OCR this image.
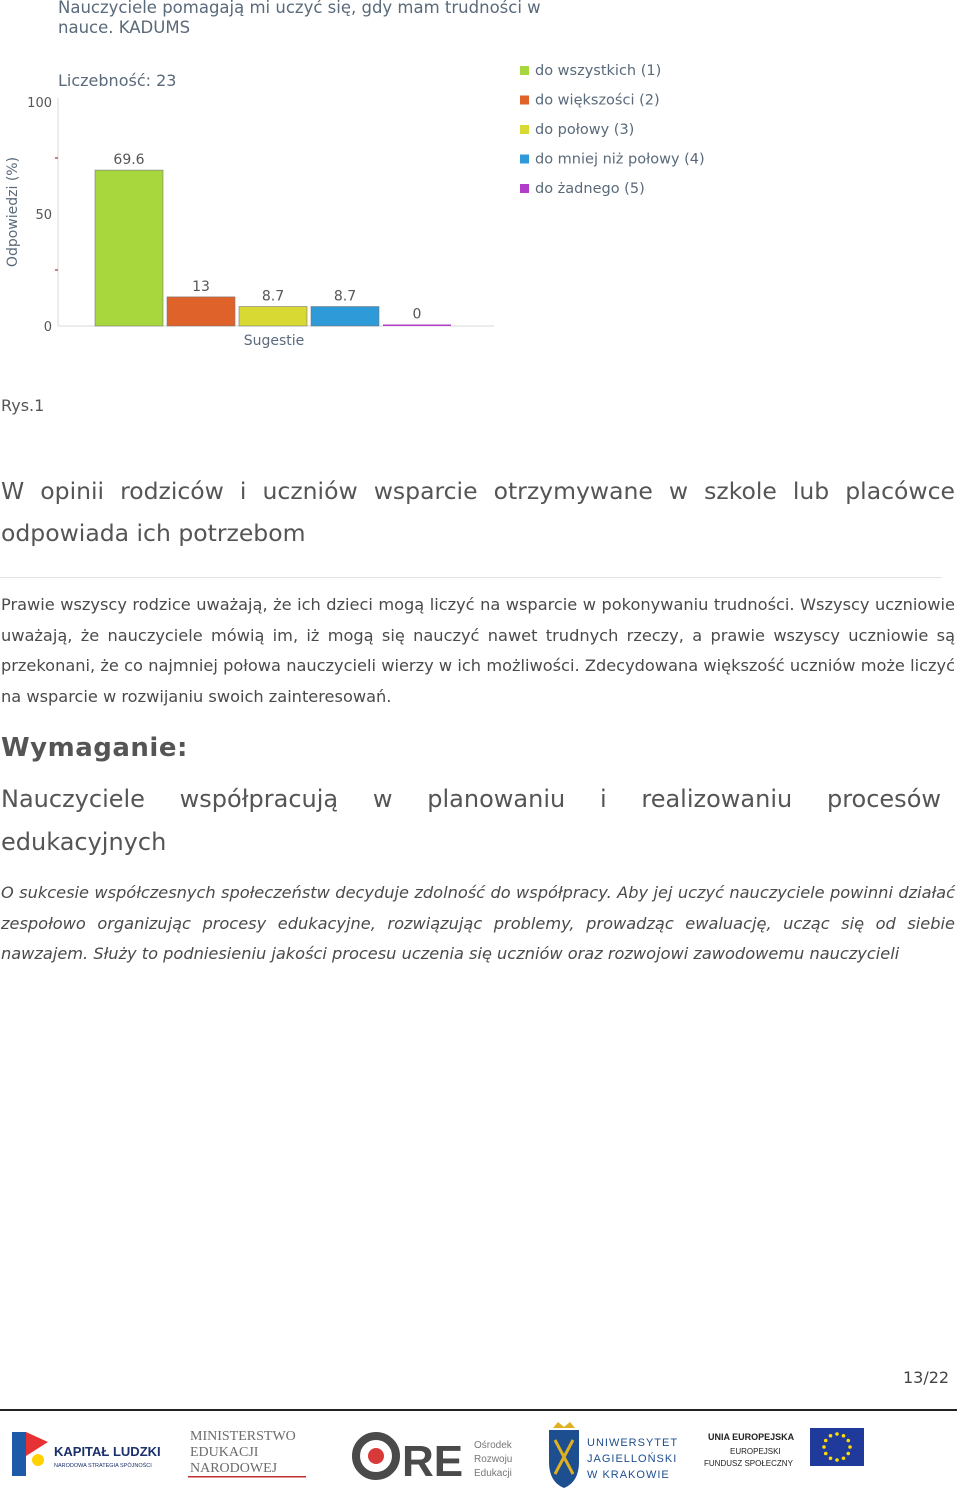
Nauczyciele pomagają mi uczyć się, gdy mam trudności w
nauce. KADUMS
Liczebność: 23
Odpowiedzi (%)
Sugestie
0
50
100
69.6
13
8.7	8.7
0
do wszystkich (1)
do większości (2)
do połowy (3)
do mniej niż połowy (4)
do żadnego (5)
Rys.1
W opinii rodziców i uczniów wsparcie otrzymywane w szkole lub placówce odpowiada ich potrzebom
Prawie wszyscy rodzice uważają, że ich dzieci mogą liczyć na wsparcie w pokonywaniu trudności. Wszyscy uczniowie uważają, że nauczyciele mówią im, iż mogą się nauczyć nawet trudnych rzeczy, a prawie wszyscy uczniowie są przekonani, że co najmniej połowa nauczycieli wierzy w ich możliwości. Zdecydowana większość uczniów może liczyć na wsparcie w rozwijaniu swoich zainteresowań.
Wymaganie:
Nauczyciele współpracują w planowaniu i realizowaniu procesów edukacyjnych
O sukcesie współczesnych społeczeństw decyduje zdolność do współpracy. Aby jej uczyć nauczyciele powinni działać zespołowo organizując procesy edukacyjne, rozwiązując problemy, prowadząc ewaluację, ucząc się od siebie nawzajem. Służy to podniesieniu jakości procesu uczenia się uczniów oraz rozwojowi zawodowemu nauczycieli
13/22
KAPITAŁ LUDZKI
NARODOWA STRATEGIA SPÓJNOŚCI
MINISTERSTWO
EDUKACJI
NARODOWEJ	RE Ośrodek
Rozwoju
Edukacji
UNIWERSYTET
JAGIELLOŃSKI
W KRAKOWIE
UNIA EUROPEJSKA
EUROPEJSKI
FUNDUSZ SPOŁECZNY
